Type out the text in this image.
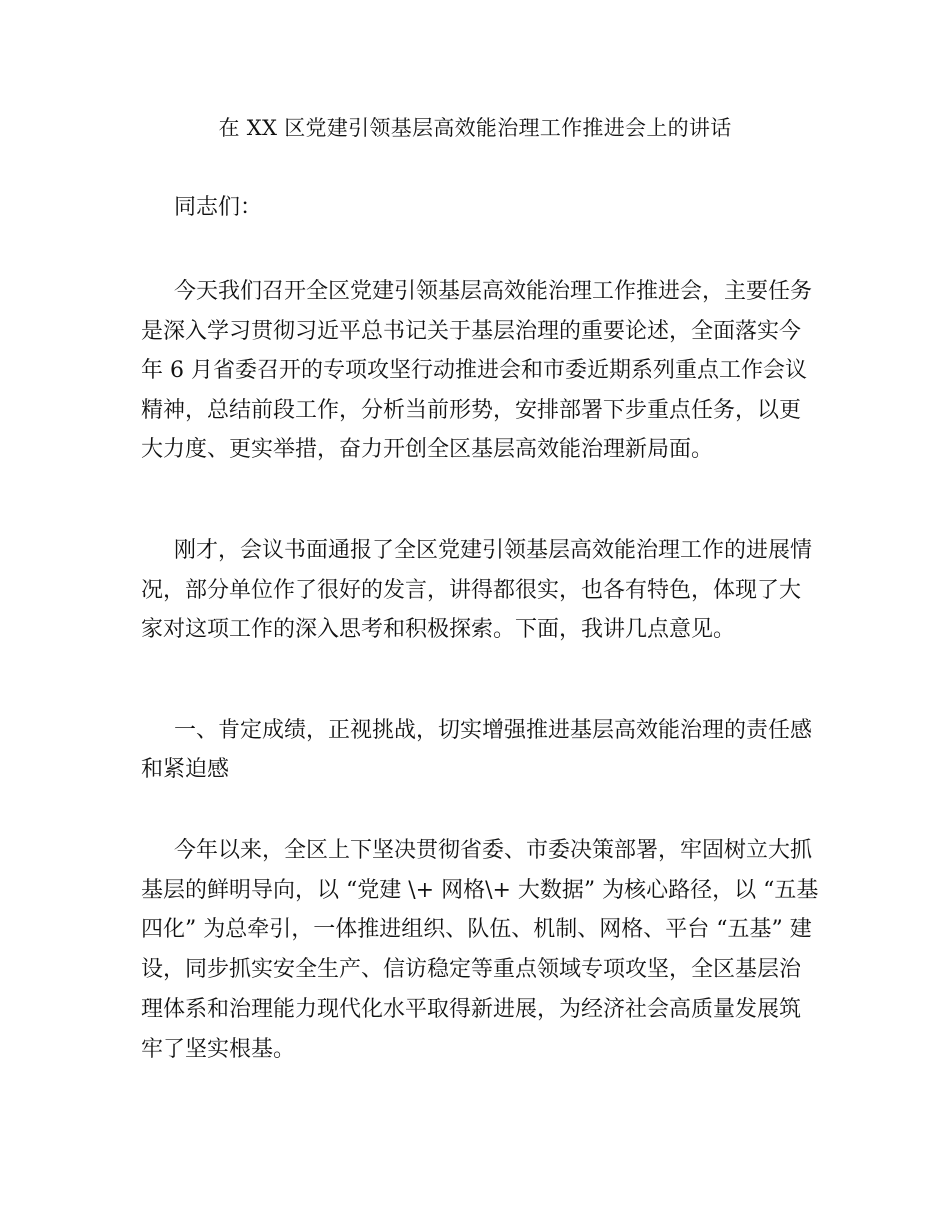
在 XX 区党建引领基层高效能治理工作推进会上的讲话
同志们：
今天我们召开全区党建引领基层高效能治理工作推进会，主要任务
是深入学习贯彻习近平总书记关于基层治理的重要论述，全面落实今
年 6 月省委召开的专项攻坚行动推进会和市委近期系列重点工作会议
精神，总结前段工作，分析当前形势，安排部署下步重点任务，以更
大力度、更实举措，奋力开创全区基层高效能治理新局面。
刚才，会议书面通报了全区党建引领基层高效能治理工作的进展情
况，部分单位作了很好的发言，讲得都很实，也各有特色，体现了大
家对这项工作的深入思考和积极探索。下面，我讲几点意见。
一、肯定成绩，正视挑战，切实增强推进基层高效能治理的责任感
和紧迫感
今年以来，全区上下坚决贯彻省委、市委决策部署，牢固树立大抓
基层的鲜明导向，以 “党建 \+ 网格\+ 大数据” 为核心路径，以 “五基
四化” 为总牵引，一体推进组织、队伍、机制、网格、平台 “五基” 建
设，同步抓实安全生产、信访稳定等重点领域专项攻坚，全区基层治
理体系和治理能力现代化水平取得新进展，为经济社会高质量发展筑
牢了坚实根基。
